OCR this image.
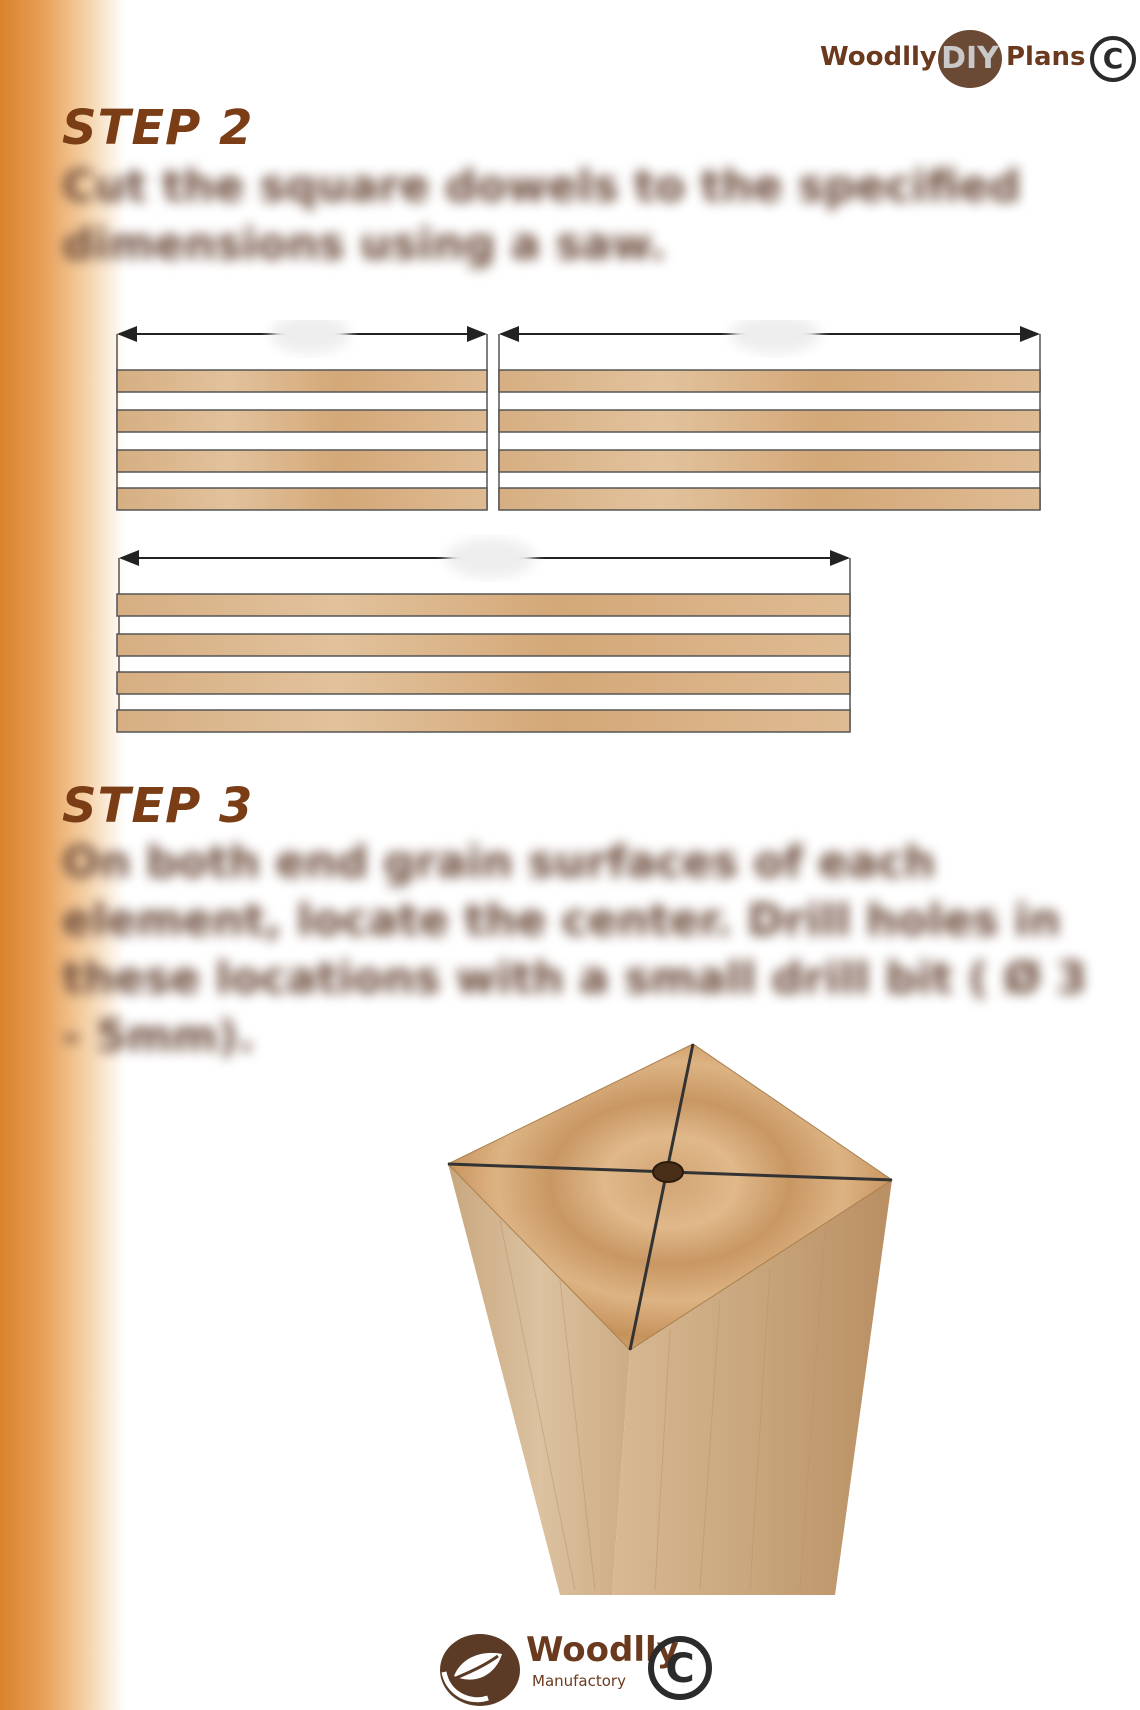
Woodlly DIY Plans C
STEP 2

Cut the square dowels to the specified dimensions using a saw.

STEP 3

On both end grain surfaces of each element, locate the center. Drill holes in these locations with a small drill bit ( Ø 3 - 5mm).

Woodlly
Manufactory C
